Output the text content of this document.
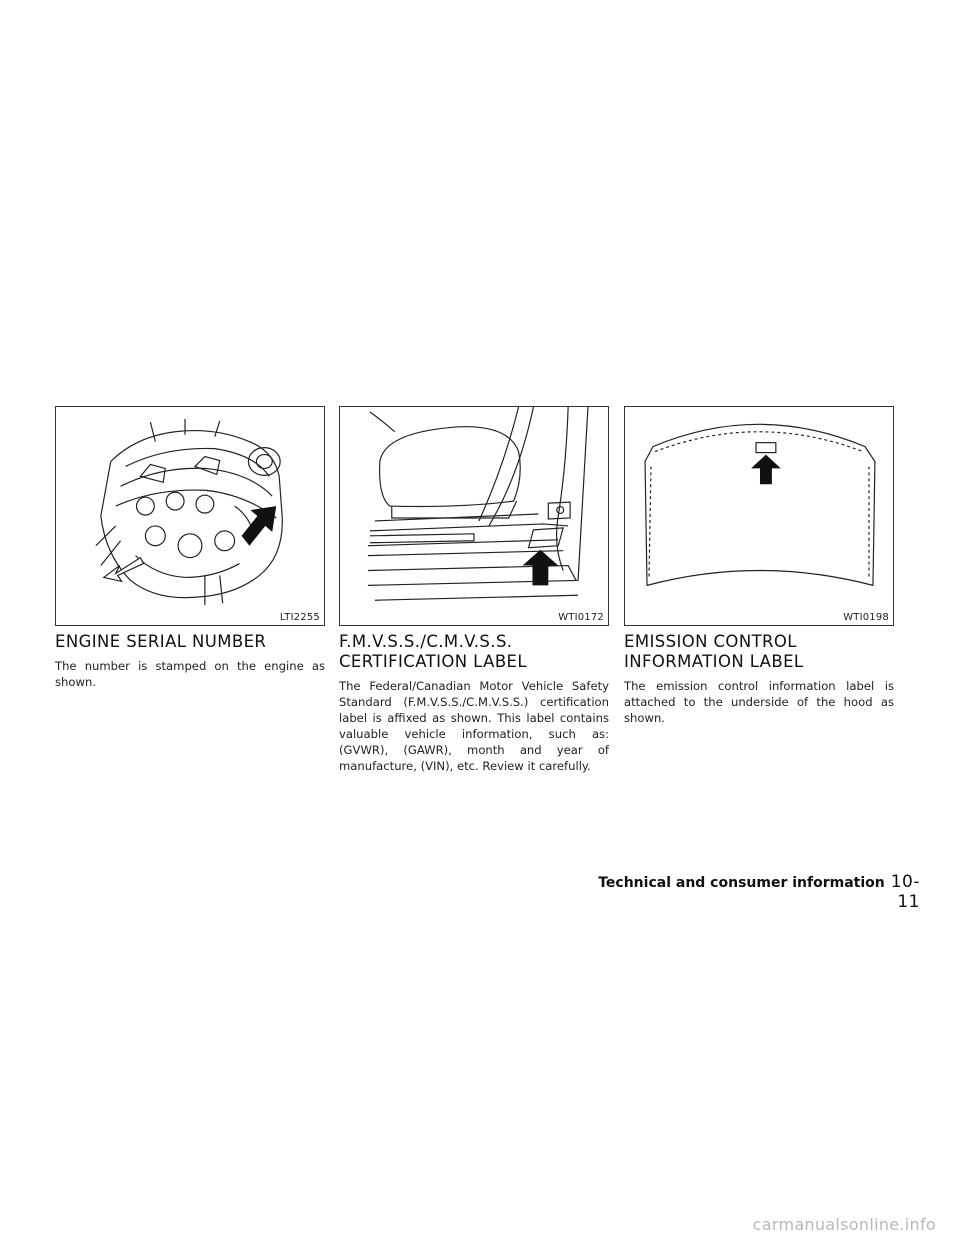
LTI2255
ENGINE SERIAL NUMBER

The number is stamped on the engine as shown.

WTI0172
F.M.V.S.S./C.M.V.S.S. CERTIFICATION LABEL

The Federal/Canadian Motor Vehicle Safety Standard (F.M.V.S.S./C.M.V.S.S.) certification label is affixed as shown. This label contains valuable vehicle information, such as: (GVWR), (GAWR), month and year of manufacture, (VIN), etc. Review it carefully.

WTI0198
EMISSION CONTROL INFORMATION LABEL

The emission control information label is attached to the underside of the hood as shown.

Technical and consumer information 10-11
carmanualsonline.info
